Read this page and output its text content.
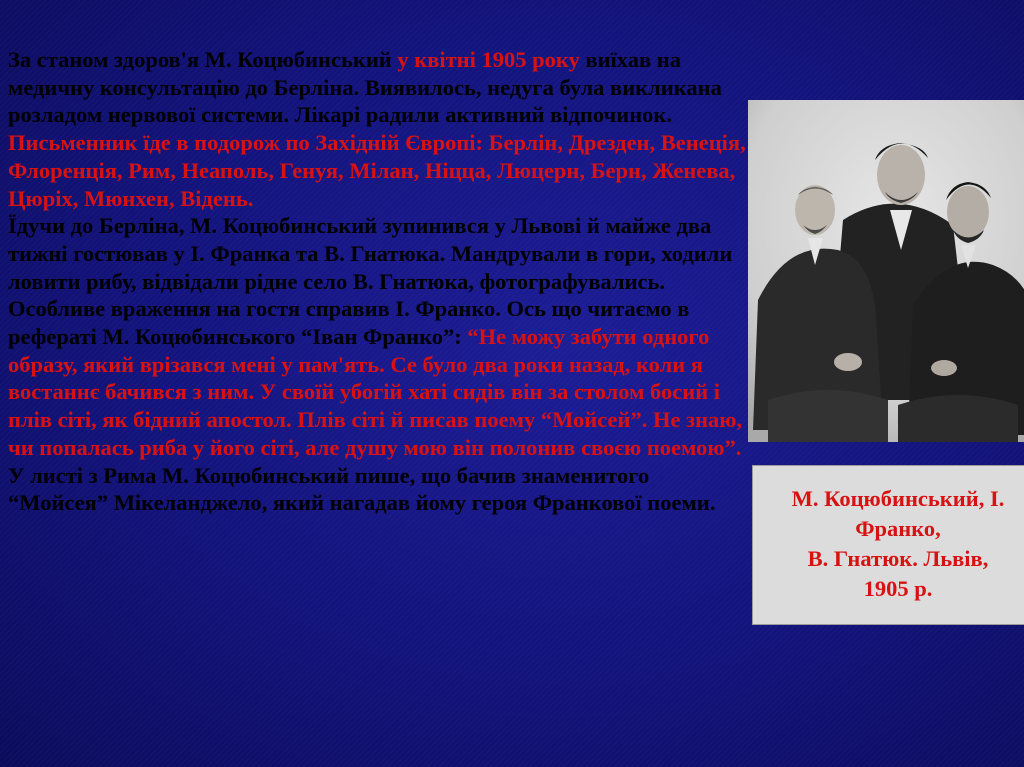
За станом здоров'я М. Коцюбинський у квітні 1905 року виїхав на медичну консультацію до Берліна. Виявилось, недуга була викликана розладом нервової системи. Лікарі радили активний відпочинок. Письменник їде в подорож по Західній Європі: Берлін, Дрезден, Венеція, Флоренція, Рим, Неаполь, Генуя, Мілан, Ніцца, Люцерн, Берн, Женева, Цюріх, Мюнхен, Відень.
Їдучи до Берліна, М. Коцюбинський зупинився у Львові й майже два тижні гостював у І. Франка та В. Гнатюка. Мандрували в гори, ходили ловити рибу, відвідали рідне село В. Гнатюка, фотографувались. Особливе враження на гостя справив І. Франко. Ось що читаємо в рефераті М. Коцюбинського “Іван Франко”: “Не можу забути одного образу, який врізався мені у пам'ять. Се було два роки назад, коли я востаннє бачився з ним. У своїй убогій хаті сидів він за столом босий і плів сіті, як бідний апостол. Плів сіті й писав поему “Мойсей”. Не знаю, чи попалась риба у його сіті, але душу мою він полонив своєю поемою”. У листі з Рима М. Коцюбинський пише, що бачив знаменитого “Мойсея” Мікеланджело, який нагадав йому героя Франкової поеми.	М. Коцюбинський, І.
Франко,
В. Гнатюк. Львів,
1905 р.
